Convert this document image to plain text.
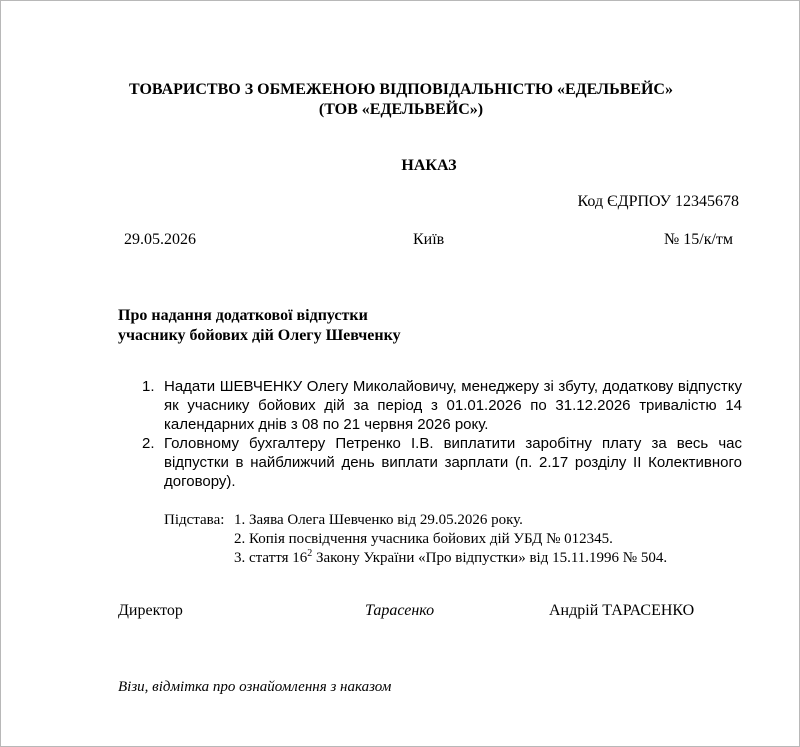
ТОВАРИСТВО З ОБМЕЖЕНОЮ ВІДПОВІДАЛЬНІСТЮ «ЕДЕЛЬВЕЙС»
(ТОВ «ЕДЕЛЬВЕЙС»)
НАКАЗ
Код ЄДРПОУ 12345678
29.05.2026	Київ	№ 15/к/тм
Про надання додаткової відпустки
учаснику бойових дій Олегу Шевченку
1. Надати ШЕВЧЕНКУ Олегу Миколайовичу, менеджеру зі збуту, додаткову відпустку як учаснику бойових дій за період з 01.01.2026 по 31.12.2026 тривалістю 14 календарних днів з 08 по 21 червня 2026 року.
2. Головному бухгалтеру Петренко І.В. виплатити заробітну плату за весь час відпустки в найближчий день виплати зарплати (п. 2.17 розділу ІІ Колективного договору).
Підстава: 1. Заява Олега Шевченко від 29.05.2026 року.
2. Копія посвідчення учасника бойових дій УБД № 012345.
3. стаття $16^2$ Закону України «Про відпустки» від 15.11.1996 № 504.
Директор	Тарасенко	Андрій ТАРАСЕНКО
Візи, відмітка про ознайомлення з наказом
